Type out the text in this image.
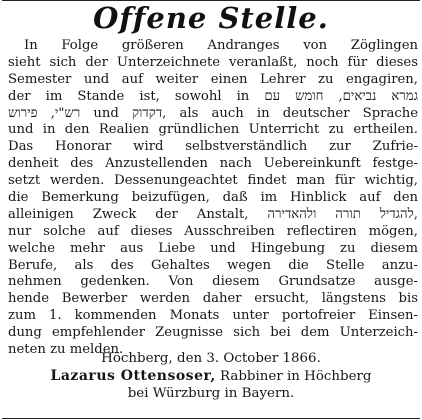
Offene Stelle.
In Folge größeren Andranges von Zöglingen
sieht sich der Unterzeichnete veranlaßt, noch für dieses
Semester und auf weiter einen Lehrer zu engagiren,
der im Stande ist, sowohl in גמרא נביאים, חומש עם
רש"י, פירוש und דקדוק, als auch in deutscher Sprache
und in den Realien gründlichen Unterricht zu ertheilen.
Das Honorar wird selbstverständlich zur Zufrie-
denheit des Anzustellenden nach Uebereinkunft festge-
setzt werden. Dessenungeachtet findet man für wichtig,
die Bemerkung beizufügen, daß im Hinblick auf den
alleinigen Zweck der Anstalt, להגדיל תורה ולהאדירה,
nur solche auf dieses Ausschreiben reflectiren mögen,
welche mehr aus Liebe und Hingebung zu diesem
Berufe, als des Gehaltes wegen die Stelle anzu-
nehmen gedenken. Von diesem Grundsatze ausge-
hende Bewerber werden daher ersucht, längstens bis
zum 1. kommenden Monats unter portofreier Einsen-
dung empfehlender Zeugnisse sich bei dem Unterzeich-
neten zu melden.
Höchberg, den 3. October 1866.
Lazarus Ottensoser, Rabbiner in Höchberg
bei Würzburg in Bayern.
